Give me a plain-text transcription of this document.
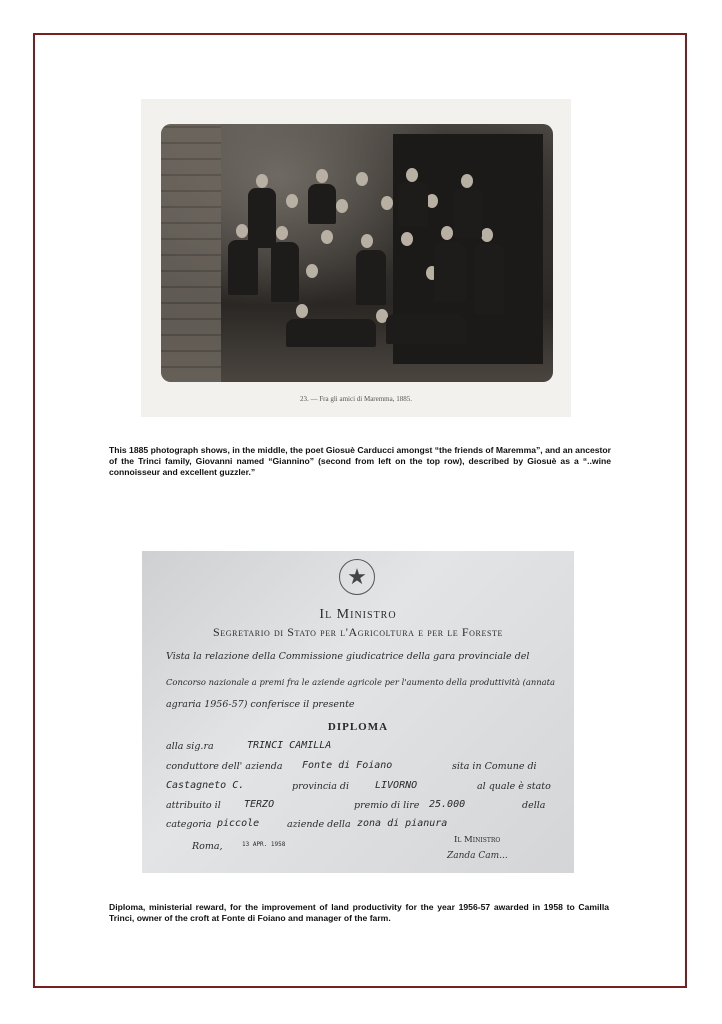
23. — Fra gli amici di Maremma, 1885.
This 1885 photograph shows, in the middle, the poet Giosuè Carducci amongst “the friends of Maremma”, and an ancestor of the Trinci family, Giovanni named “Giannino” (second from left on the top row), described by Giosuè as a “..wine connoisseur and excellent guzzler.”
★
Il Ministro
Segretario di Stato per l'Agricoltura e per le Foreste
Vista la relazione della Commissione giudicatrice della gara provinciale del
Concorso nazionale a premi fra le aziende agricole per l'aumento della produttività (annata
agraria 1956-57) conferisce il presente
DIPLOMA
alla sig.ra	TRINCI CAMILLA
conduttore dell' azienda Fonte di Foiano	sita in Comune di
Castagneto C.	provincia di	LIVORNO	al quale è stato
attribuito il TERZO	premio di lire 25.000	della
categoria piccole	aziende della zona di pianura
Roma,	13 APR. 1958	Il Ministro
Zanda Cam...
Diploma, ministerial reward, for the improvement of land productivity for the year 1956-57 awarded in 1958 to Camilla Trinci, owner of the croft at Fonte di Foiano and manager of the farm.
